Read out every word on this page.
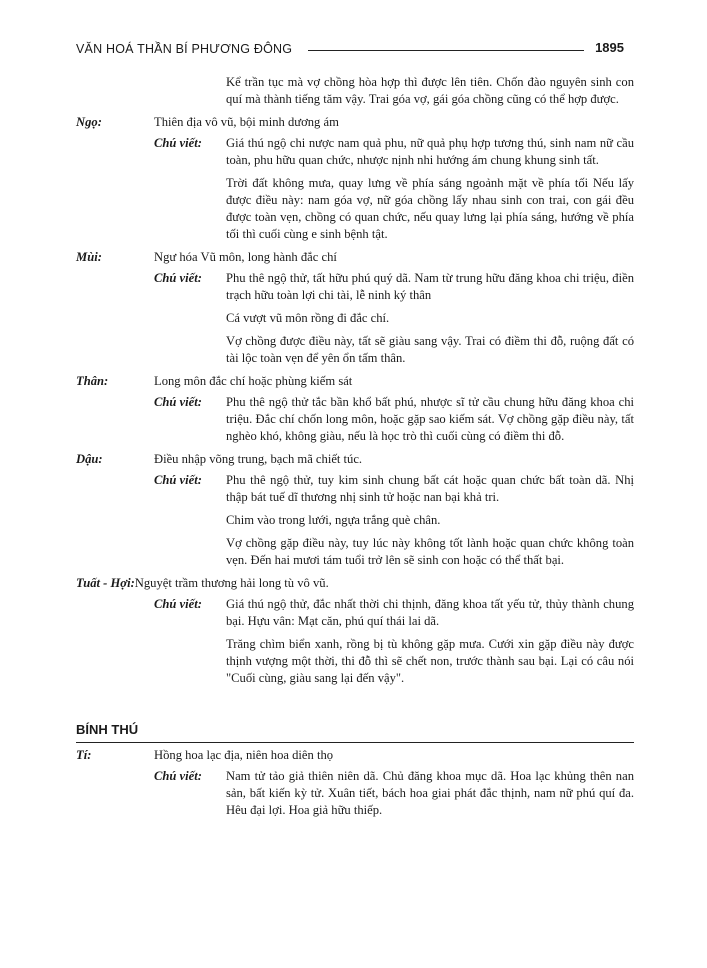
VĂN HOÁ THẦN BÍ PHƯƠNG ĐÔNG	1895

Kể trần tục mà vợ chồng hòa hợp thì được lên tiên. Chốn đào nguyên sinh con quí mà thành tiếng tăm vậy. Trai góa vợ, gái góa chồng cũng có thể hợp được.

Ngọ:	Thiên địa vô vũ, bội minh dương ám
Chú viết:	Giá thú ngộ chi nược nam quả phu, nữ quả phụ hợp tương thú, sinh nam nữ cầu toàn, phu hữu quan chức, nhược nịnh nhi hướng ám chung khung sinh tất.

Trời đất không mưa, quay lưng về phía sáng ngoảnh mặt về phía tối Nếu lấy được điều này: nam góa vợ, nữ góa chồng lấy nhau sinh con trai, con gái đều được toàn vẹn, chồng có quan chức, nếu quay lưng lại phía sáng, hướng về phía tối thì cuối cùng e sinh bệnh tật.

Mùi:	Ngư hóa Vũ môn, long hành đắc chí
Chú viết:	Phu thê ngộ thử, tất hữu phú quý dã. Nam từ trung hữu đăng khoa chi triệu, điền trạch hữu toàn lợi chi tài, lễ ninh ký thân

Cá vượt vũ môn rồng đi đắc chí.

Vợ chồng được điều này, tất sẽ giàu sang vậy. Trai có điềm thi đỗ, ruộng đất có tài lộc toàn vẹn để yên ổn tấm thân.

Thân:	Long môn đắc chí hoặc phùng kiếm sát
Chú viết:	Phu thê ngộ thử tắc bần khổ bất phú, nhược sĩ tử cầu chung hữu đăng khoa chi triệu. Đắc chí chốn long môn, hoặc gặp sao kiếm sát. Vợ chồng gặp điều này, tất nghèo khó, không giàu, nếu là học trò thì cuối cùng có điềm thi đỗ.
Dậu:	Điều nhập võng trung, bạch mã chiết túc.
Chú viết:	Phu thê ngộ thử, tuy kim sinh chung bất cát hoặc quan chức bất toàn dã. Nhị thập bát tuế dĩ thương nhị sinh tử hoặc nan bại khả tri.

Chim vào trong lưới, ngựa trắng què chân.

Vợ chồng gặp điều này, tuy lúc này không tốt lành hoặc quan chức không toàn vẹn. Đến hai mươi tám tuổi trở lên sẽ sinh con hoặc có thể thất bại.

Tuất - Hợi: Nguyệt trầm thương hải long tù vô vũ.
Chú viết:	Giá thú ngộ thử, đắc nhất thời chi thịnh, đăng khoa tất yếu tử, thủy thành chung bại. Hựu vân: Mạt căn, phú quí thái lai dã.

Trăng chìm biển xanh, rồng bị tù không gặp mưa. Cưới xin gặp điều này được thịnh vượng một thời, thi đỗ thì sẽ chết non, trước thành sau bại. Lại có câu nói "Cuối cùng, giàu sang lại đến vậy".

BÍNH THÚ
Tí:	Hồng hoa lạc địa, niên hoa diên thọ
Chú viết:	Nam tử tảo giả thiên niên dã. Chủ đăng khoa mục dã. Hoa lạc khủng thên nan sản, bất kiến kỳ tử. Xuân tiết, bách hoa giai phát đắc thịnh, nam nữ phú quí đa. Hêu đại lợi. Hoa giả hữu thiếp.
